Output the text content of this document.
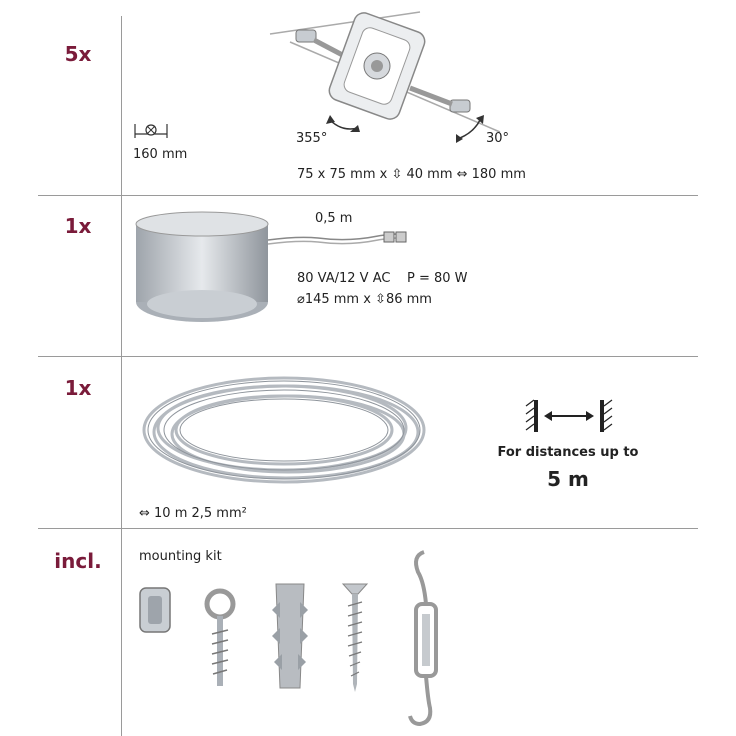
5x
160 mm
355°	30°
75 x 75 mm x ⇳ 40 mm ⇔ 180 mm
1x	0,5 m
80 VA/12 V AC    P = 80 W
⌀145 mm x ⇳86 mm
1x
⇔ 10 m 2,5 mm²
For distances up to
5 m
incl.	mounting kit
